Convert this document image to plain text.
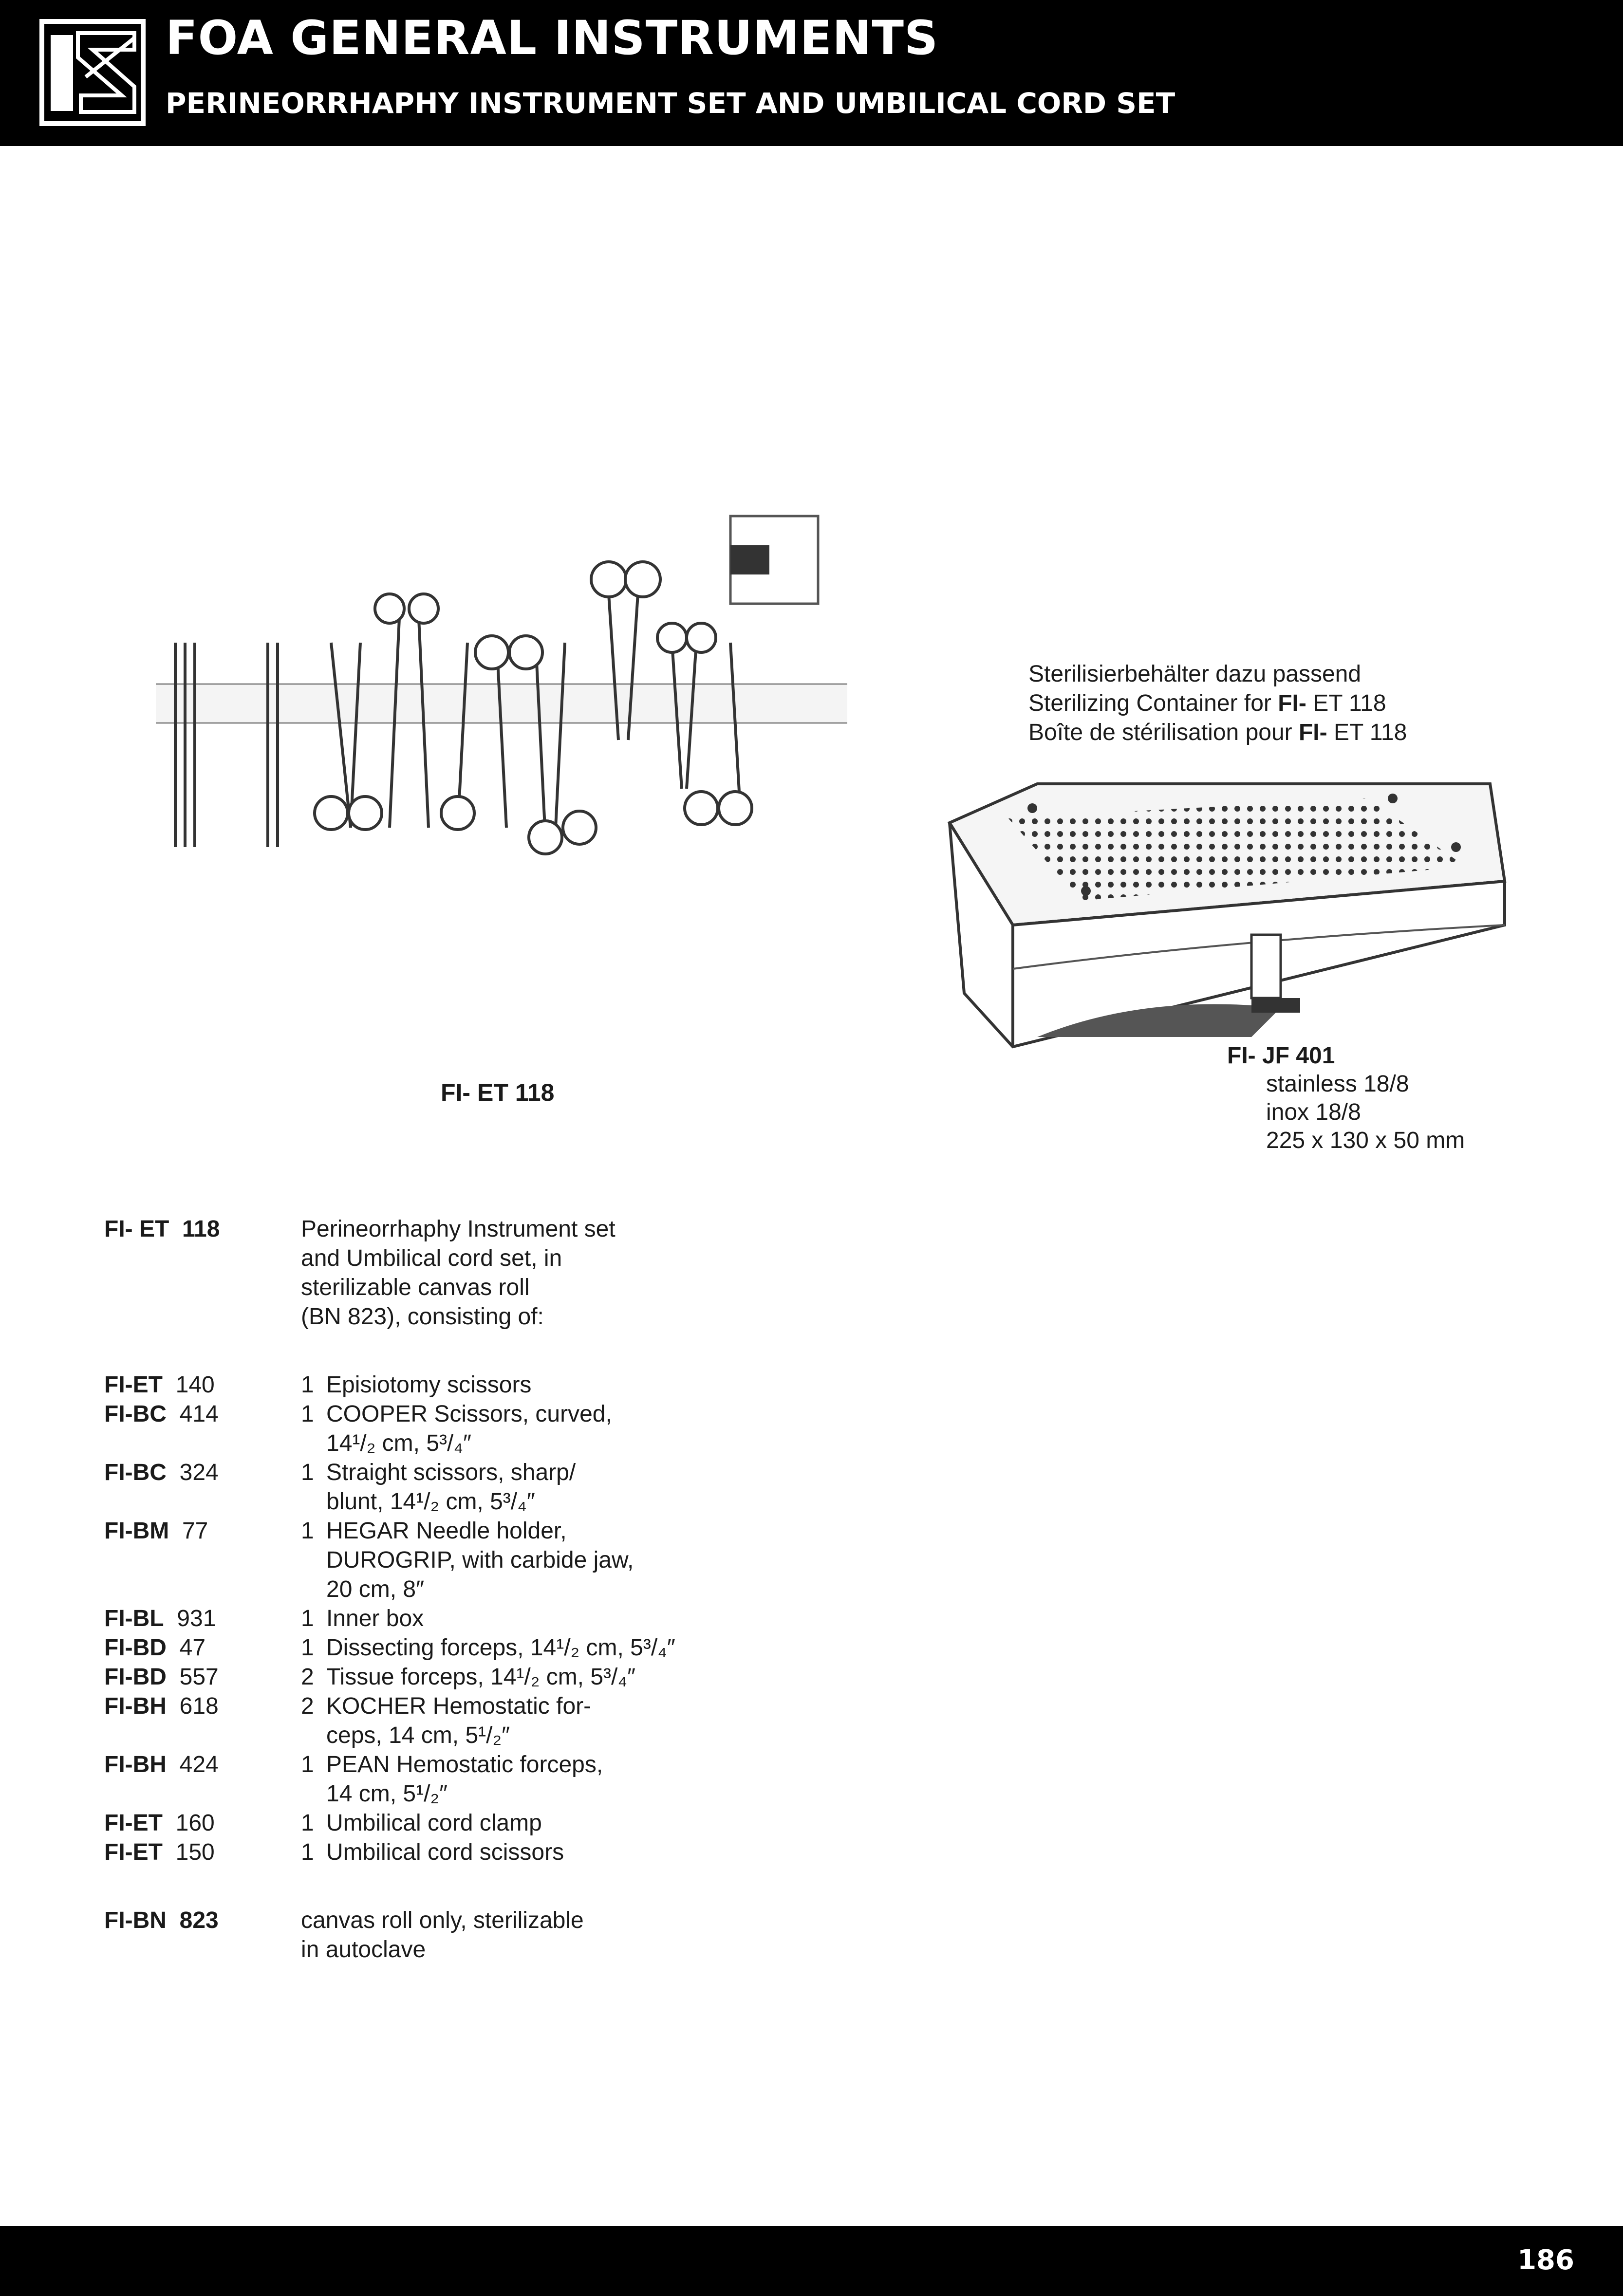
FOA GENERAL INSTRUMENTS
PERINEORRHAPHY INSTRUMENT SET AND UMBILICAL CORD SET
FI- ET 118
Sterilisierbehälter dazu passend
Sterilizing Container for FI- ET 118
Boîte de stérilisation pour FI- ET 118
FI- JF 401
stainless 18/8
inox 18/8
225 x 130 x 50 mm
FI- ET 118	Perineorrhaphy Instrument set
and Umbilical cord set, in
sterilizable canvas roll
(BN 823), consisting of:
FI-ET 140	1 Episiotomy scissors
FI-BC 414	1 COOPER Scissors, curved,
14¹/₂ cm, 5³/₄″
FI-BC 324	1 Straight scissors, sharp/
blunt, 14¹/₂ cm, 5³/₄″
FI-BM 77	1 HEGAR Needle holder,
DUROGRIP, with carbide jaw,
20 cm, 8″
FI-BL 931	1 Inner box
FI-BD 47	1 Dissecting forceps, 14¹/₂ cm, 5³/₄″
FI-BD 557	2 Tissue forceps, 14¹/₂ cm, 5³/₄″
FI-BH 618	2 KOCHER Hemostatic for-
ceps, 14 cm, 5¹/₂″
FI-BH 424	1 PEAN Hemostatic forceps,
14 cm, 5¹/₂″
FI-ET 160	1 Umbilical cord clamp
FI-ET 150	1 Umbilical cord scissors
FI-BN 823	canvas roll only, sterilizable
in autoclave
186
